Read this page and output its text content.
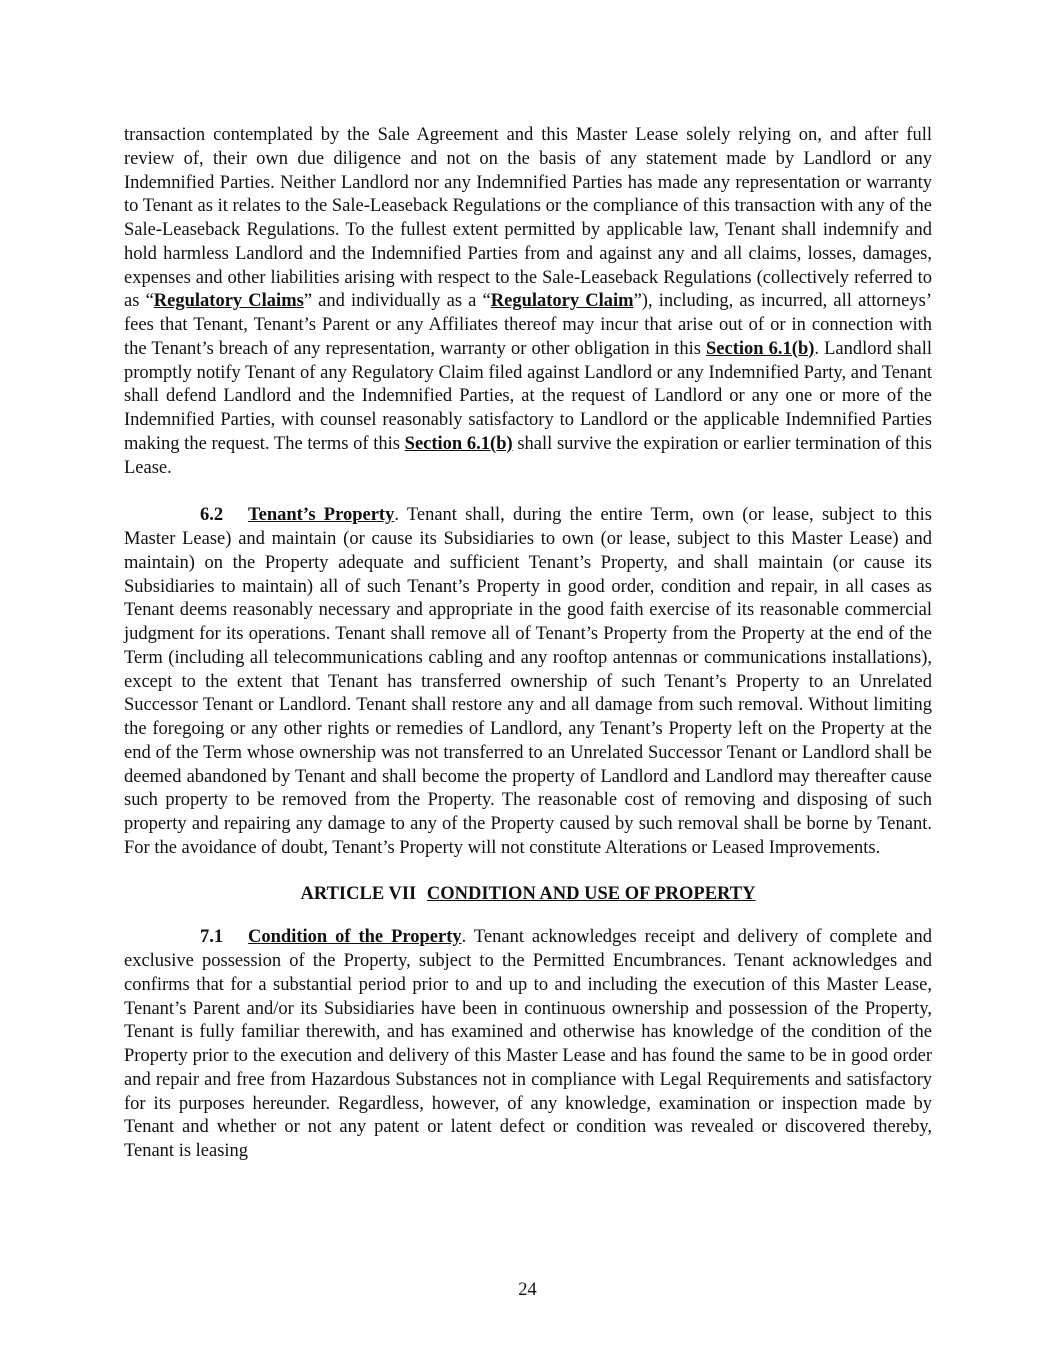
transaction contemplated by the Sale Agreement and this Master Lease solely relying on, and after full review of, their own due diligence and not on the basis of any statement made by Landlord or any Indemnified Parties. Neither Landlord nor any Indemnified Parties has made any representation or warranty to Tenant as it relates to the Sale-Leaseback Regulations or the compliance of this transaction with any of the Sale-Leaseback Regulations. To the fullest extent permitted by applicable law, Tenant shall indemnify and hold harmless Landlord and the Indemnified Parties from and against any and all claims, losses, damages, expenses and other liabilities arising with respect to the Sale-Leaseback Regulations (collectively referred to as “Regulatory Claims” and individually as a “Regulatory Claim”), including, as incurred, all attorneys’ fees that Tenant, Tenant’s Parent or any Affiliates thereof may incur that arise out of or in connection with the Tenant’s breach of any representation, warranty or other obligation in this Section 6.1(b). Landlord shall promptly notify Tenant of any Regulatory Claim filed against Landlord or any Indemnified Party, and Tenant shall defend Landlord and the Indemnified Parties, at the request of Landlord or any one or more of the Indemnified Parties, with counsel reasonably satisfactory to Landlord or the applicable Indemnified Parties making the request. The terms of this Section 6.1(b) shall survive the expiration or earlier termination of this Lease.

6.2 Tenant’s Property. Tenant shall, during the entire Term, own (or lease, subject to this Master Lease) and maintain (or cause its Subsidiaries to own (or lease, subject to this Master Lease) and maintain) on the Property adequate and sufficient Tenant’s Property, and shall maintain (or cause its Subsidiaries to maintain) all of such Tenant’s Property in good order, condition and repair, in all cases as Tenant deems reasonably necessary and appropriate in the good faith exercise of its reasonable commercial judgment for its operations. Tenant shall remove all of Tenant’s Property from the Property at the end of the Term (including all telecommunications cabling and any rooftop antennas or communications installations), except to the extent that Tenant has transferred ownership of such Tenant’s Property to an Unrelated Successor Tenant or Landlord. Tenant shall restore any and all damage from such removal. Without limiting the foregoing or any other rights or remedies of Landlord, any Tenant’s Property left on the Property at the end of the Term whose ownership was not transferred to an Unrelated Successor Tenant or Landlord shall be deemed abandoned by Tenant and shall become the property of Landlord and Landlord may thereafter cause such property to be removed from the Property. The reasonable cost of removing and disposing of such property and repairing any damage to any of the Property caused by such removal shall be borne by Tenant. For the avoidance of doubt, Tenant’s Property will not constitute Alterations or Leased Improvements.

ARTICLE VII CONDITION AND USE OF PROPERTY

7.1 Condition of the Property. Tenant acknowledges receipt and delivery of complete and exclusive possession of the Property, subject to the Permitted Encumbrances. Tenant acknowledges and confirms that for a substantial period prior to and up to and including the execution of this Master Lease, Tenant’s Parent and/or its Subsidiaries have been in continuous ownership and possession of the Property, Tenant is fully familiar therewith, and has examined and otherwise has knowledge of the condition of the Property prior to the execution and delivery of this Master Lease and has found the same to be in good order and repair and free from Hazardous Substances not in compliance with Legal Requirements and satisfactory for its purposes hereunder. Regardless, however, of any knowledge, examination or inspection made by Tenant and whether or not any patent or latent defect or condition was revealed or discovered thereby, Tenant is leasing

24
